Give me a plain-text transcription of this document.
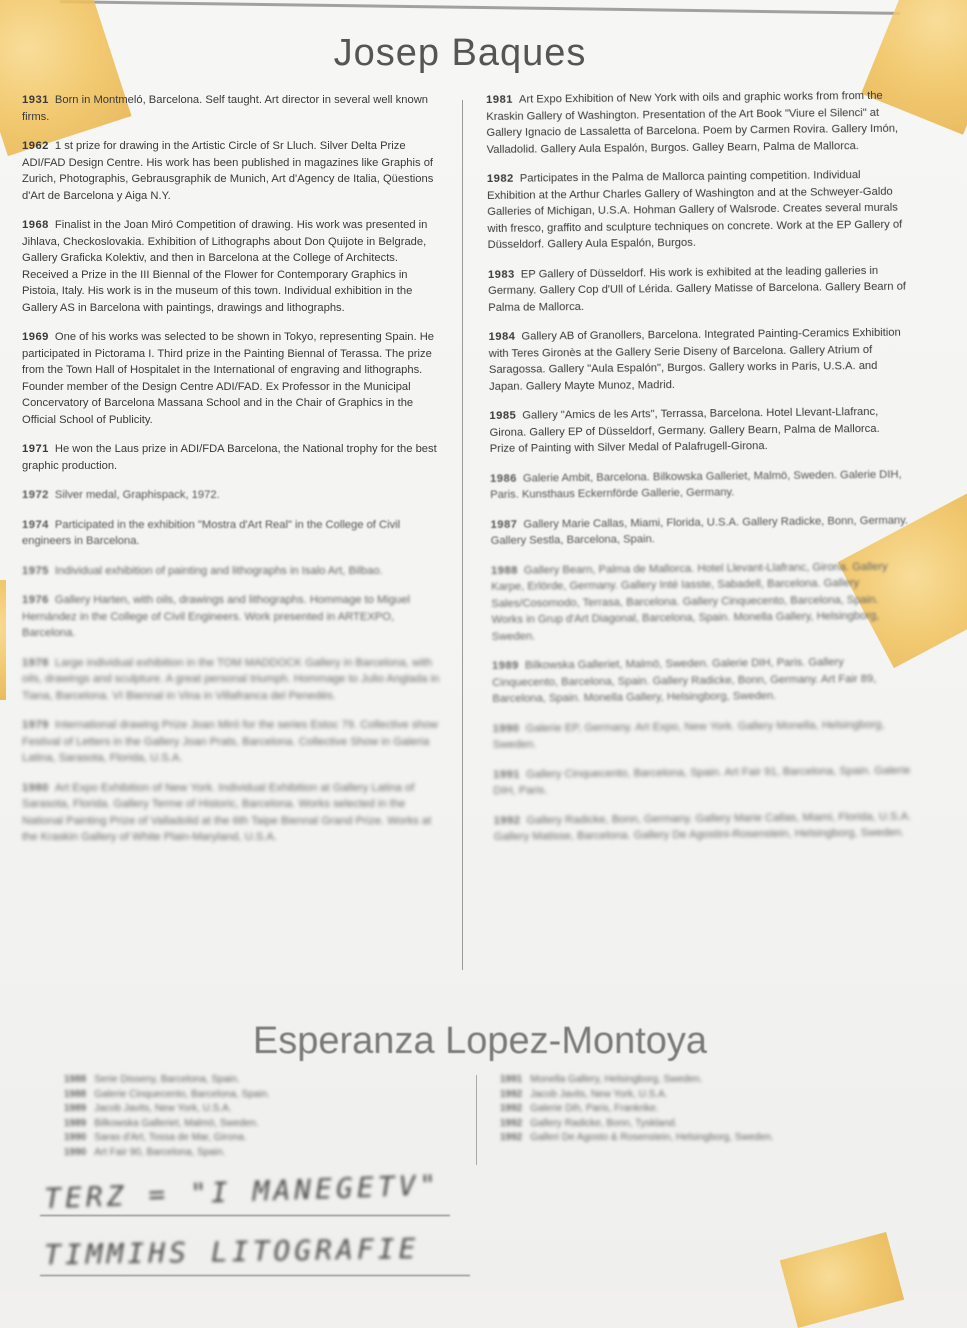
Josep Baques
1931 Born in Montmeló, Barcelona. Self taught. Art director in several well known firms.
1962 1 st prize for drawing in the Artistic Circle of Sr Lluch. Silver Delta Prize ADI/FAD Design Centre. His work has been published in magazines like Graphis of Zurich, Photographis, Gebrausgraphik de Munich, Art d'Agency de Italia, Qüestions d'Art de Barcelona y Aiga N.Y.
1968 Finalist in the Joan Miró Competition of drawing. His work was presented in Jihlava, Checkoslovakia. Exhibition of Lithographs about Don Quijote in Belgrade, Gallery Graficka Kolektiv, and then in Barcelona at the College of Architects. Received a Prize in the III Biennal of the Flower for Contemporary Graphics in Pistoia, Italy. His work is in the museum of this town. Individual exhibition in the Gallery AS in Barcelona with paintings, drawings and lithographs.
1969 One of his works was selected to be shown in Tokyo, representing Spain. He participated in Pictorama I. Third prize in the Painting Biennal of Terassa. The prize from the Town Hall of Hospitalet in the International of engraving and lithographs. Founder member of the Design Centre ADI/FAD. Ex Professor in the Municipal Concervatory of Barcelona Massana School and in the Chair of Graphics in the Official School of Publicity.
1971 He won the Laus prize in ADI/FDA Barcelona, the National trophy for the best graphic production.
1972 Silver medal, Graphispack, 1972.
1974 Participated in the exhibition "Mostra d'Art Real" in the College of Civil engineers in Barcelona.
1975 Individual exhibition of painting and lithographs in Isalo Art, Bilbao.
1976 Gallery Harten, with oils, drawings and lithographs. Hommage to Miguel Hernández in the College of Civil Engineers. Work presented in ARTEXPO, Barcelona.
1978 Large individual exhibition in the TOM MADDOCK Gallery in Barcelona, with oils, drawings and sculpture. A great personal triumph. Hommage to Julio Anglada in Tiana, Barcelona. VI Biennal in Vina in Villafranca del Penedés.
1979 International drawing Prize Joan Miró for the series Estoc 79. Collective show Festival of Letters in the Gallery Joan Prats, Barcelona. Collective Show in Galeria Latina, Sarasota, Florida, U.S.A.
1980 Art Expo Exhibition of New York. Individual Exhibition at Gallery Latina of Sarasota, Florida. Gallery Terme of Historic, Barcelona. Works selected in the National Painting Prize of Valladolid at the 6th Taipe Biennal Grand Prize. Works at the Kraskin Gallery of White Plain-Maryland, U.S.A.
1981 Art Expo Exhibition of New York with oils and graphic works from from the Kraskin Gallery of Washington. Presentation of the Art Book "Viure el Silenci" at Gallery Ignacio de Lassaletta of Barcelona. Poem by Carmen Rovira. Gallery Imón, Valladolid. Gallery Aula Espalón, Burgos. Galley Bearn, Palma de Mallorca.
1982 Participates in the Palma de Mallorca painting competition. Individual Exhibition at the Arthur Charles Gallery of Washington and at the Schweyer-Galdo Galleries of Michigan, U.S.A. Hohman Gallery of Walsrode. Creates several murals with fresco, graffito and sculpture techniques on concrete. Work at the EP Gallery of Düsseldorf. Gallery Aula Espalón, Burgos.
1983 EP Gallery of Düsseldorf. His work is exhibited at the leading galleries in Germany. Gallery Cop d'Ull of Lérida. Gallery Matisse of Barcelona. Gallery Bearn of Palma de Mallorca.
1984 Gallery AB of Granollers, Barcelona. Integrated Painting-Ceramics Exhibition with Teres Gironès at the Gallery Serie Diseny of Barcelona. Gallery Atrium of Saragossa. Gallery "Aula Espalón", Burgos. Gallery works in Paris, U.S.A. and Japan. Gallery Mayte Munoz, Madrid.
1985 Gallery "Amics de les Arts", Terrassa, Barcelona. Hotel Llevant-Llafranc, Girona. Gallery EP of Düsseldorf, Germany. Gallery Bearn, Palma de Mallorca. Prize of Painting with Silver Medal of Palafrugell-Girona.
1986 Galerie Ambit, Barcelona. Bilkowska Galleriet, Malmö, Sweden. Galerie DIH, Paris. Kunsthaus Eckernförde Gallerie, Germany.
1987 Gallery Marie Callas, Miami, Florida, U.S.A. Gallery Radicke, Bonn, Germany. Gallery Sestla, Barcelona, Spain.
1988 Gallery Bearn, Palma de Mallorca. Hotel Llevant-Llafranc, Girona. Gallery Karpe, Erlörde, Germany. Gallery Inté Iasste, Sabadell, Barcelona. Gallery Sales/Cosomodo, Terrasa, Barcelona. Gallery Cinquecento, Barcelona, Spain. Works in Grup d'Art Diagonal, Barcelona, Spain. Monella Gallery, Helsingborg, Sweden.
1989 Bilkowska Galleriet, Malmö, Sweden. Galerie DIH, Paris. Gallery Cinquecento, Barcelona, Spain. Gallery Radicke, Bonn, Germany. Art Fair 89, Barcelona, Spain. Monella Gallery, Helsingborg, Sweden.
1990 Galerie EP, Germany. Art Expo, New York. Gallery Monella, Helsingborg, Sweden.
1991 Gallery Cinquecento, Barcelona, Spain. Art Fair 91, Barcelona, Spain. Galerie DIH, Paris.
1992 Gallery Radicke, Bonn, Germany. Gallery Marie Callas, Miami, Florida, U.S.A. Gallery Matisse, Barcelona. Gallery De Agostini-Rosenstein, Helsingborg, Sweden.
Esperanza Lopez-Montoya
1988 Serie Disseny, Barcelona, Spain.
1988 Galerie Cinquecento, Barcelona, Spain.
1989 Jacob Javits, New York, U.S.A.
1989 Bilkowska Galleriet, Malmö, Sweden.
1990 Saras d'Art, Tossa de Mar, Girona.
1990 Art Fair 90, Barcelona, Spain.
1991 Monella Gallery, Helsingborg, Sweden.
1992 Jacob Javits, New York, U.S.A.
1992 Galerie Dih, Paris, Frankrike.
1992 Gallery Radicke, Bonn, Tyskland.
1992 Galleri De Agosto & Rosenstein, Helsingborg, Sweden.
TERZ = "I MANEGETV"
TIMMIHS LITOGRAFIE
